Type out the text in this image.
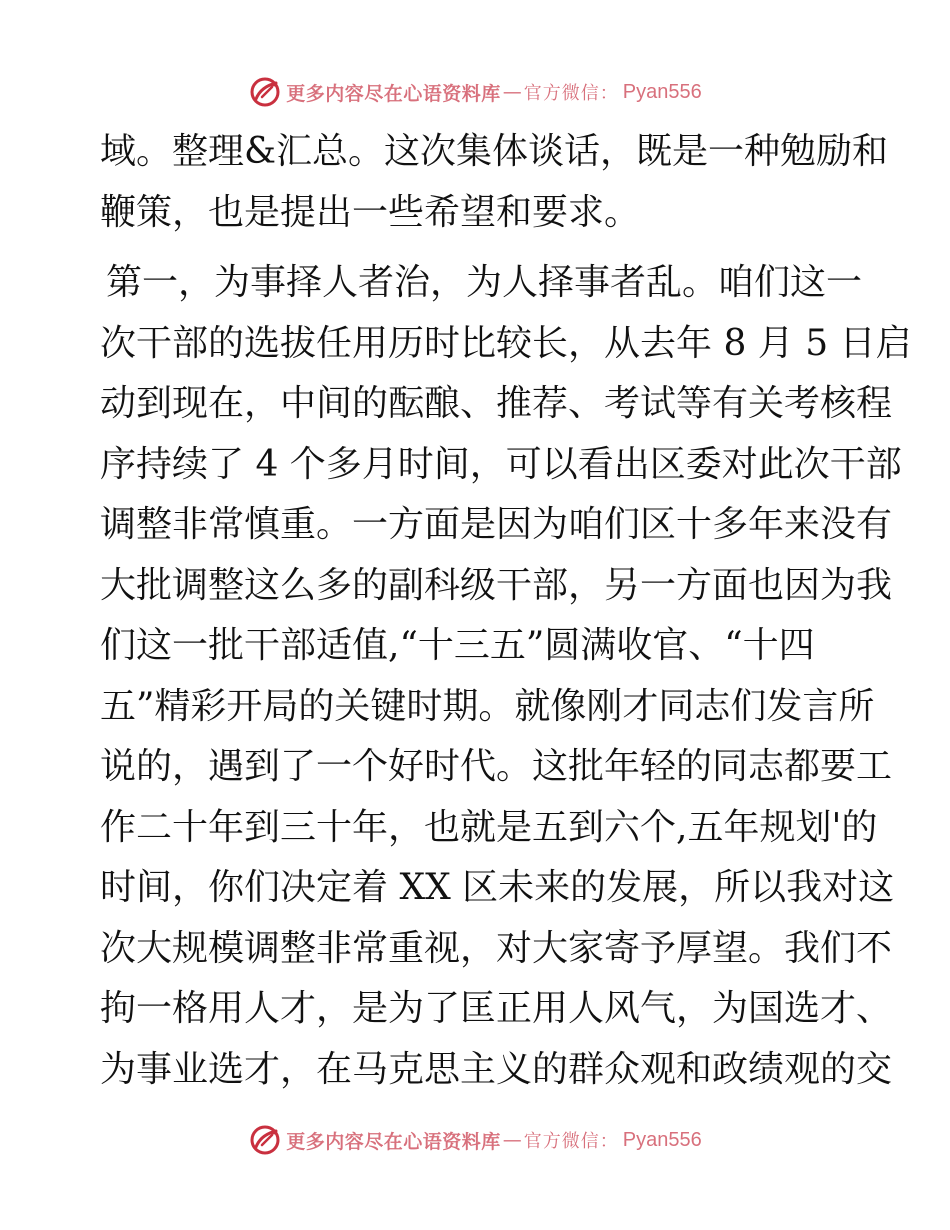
更多内容尽在心语资料库 — 官方微信： Pyan556
域。整理&汇总。这次集体谈话，既是一种勉励和
鞭策，也是提出一些希望和要求。
第一，为事择人者治，为人择事者乱。咱们这一
次干部的选拔任用历时比较长，从去年 8 月 5 日启
动到现在，中间的酝酿、推荐、考试等有关考核程
序持续了 4 个多月时间，可以看出区委对此次干部
调整非常慎重。一方面是因为咱们区十多年来没有
大批调整这么多的副科级干部，另一方面也因为我
们这一批干部适值,“十三五”圆满收官、“十四
五”精彩开局的关键时期。就像刚才同志们发言所
说的，遇到了一个好时代。这批年轻的同志都要工
作二十年到三十年，也就是五到六个,五年规划'的
时间，你们决定着 XX 区未来的发展，所以我对这
次大规模调整非常重视，对大家寄予厚望。我们不
拘一格用人才，是为了匡正用人风气，为国选才、
为事业选才，在马克思主义的群众观和政绩观的交
更多内容尽在心语资料库 — 官方微信： Pyan556
